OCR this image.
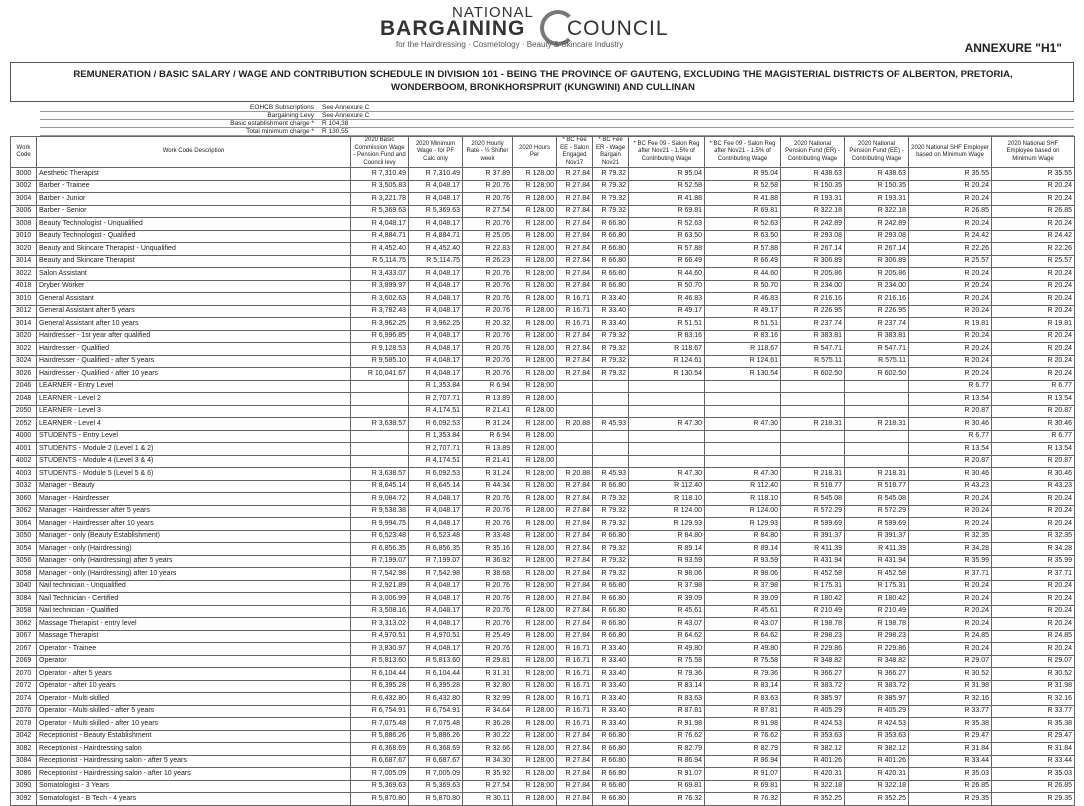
NATIONAL
BARGAINING COUNCIL
for the Hairdressing · Cosmetology · Beauty & Skincare Industry	ANNEXURE "H1"
REMUNERATION / BASIC SALARY / WAGE AND CONTRIBUTION SCHEDULE IN DIVISION 101 - BEING THE PROVINCE OF GAUTENG, EXCLUDING THE MAGISTERIAL DISTRICTS OF ALBERTON, PRETORIA, WONDERBOOM, BRONKHORSPRUIT (KUNGWINI) AND CULLINAN
EOHCB Subscriptions See Annexure C
Bargaining Levy See Annexure C
Basic establishment charge * R 104,38
Total minimum charge * R 130,55
Work Code	Work Code Description	2020 Basic Commission Wage - Pension Fund and Council levy	2020 Minimum Wage - for PF Calc only	2020 Hourly Rate - ½ Shifter week	2020 Hours Per	* BC Fee EE - Salon Engaged Nov17	* BC Fee ER - Wage Bargain Nov21	* BC Fee 09 - Salon Reg after Nov21 - 1.5% of Contributing Wage	* BC Fee 09 - Salon Reg after Nov21 - 1.5% of Contributing Wage	2020 National Pension Fund (ER) - Contributing Wage	2020 National Pension Fund (EE) - Contributing Wage	2020 National SHF Employer based on Minimum Wage	2020 National SHF Employee based on Minimum Wage
3000	Aesthetic Therapist	R 7,310.49	R 7,310.49	R 37.89	R 128.00	R 27.84	R 79.32	R 95.04	R 95.04	R 438.63	R 438.63	R 35.55	R 35.55
3002	Barber - Trainee	R 3,505.83	R 4,048.17	R 20.76	R 128.00	R 27.84	R 79.32	R 52.58	R 52.58	R 150.35	R 150.35	R 20.24	R 20.24
3004	Barber - Junior	R 3,221.78	R 4,048.17	R 20.76	R 128.00	R 27.84	R 79.32	R 41.88	R 41.88	R 193.31	R 193.31	R 20.24	R 20.24
3006	Barber - Senior	R 5,369.63	R 5,369.63	R 27.54	R 128.00	R 27.84	R 79.32	R 69.81	R 69.81	R 322.18	R 322.18	R 26.85	R 26.85
3008	Beauty Technologist - Unqualified	R 4,048.17	R 4,048.17	R 20.76	R 128.00	R 27.84	R 66.80	R 52.63	R 52.63	R 242.89	R 242.89	R 20.24	R 20.24
3010	Beauty Technologist - Qualified	R 4,884.71	R 4,884.71	R 25.05	R 128.00	R 27.84	R 66.80	R 63.50	R 63.50	R 293.08	R 293.08	R 24.42	R 24.42
3020	Beauty and Skincare Therapist - Unqualified	R 4,452.40	R 4,452.40	R 22.83	R 128.00	R 27.84	R 66.80	R 57.88	R 57.88	R 267.14	R 267.14	R 22.26	R 22.26
3014	Beauty and Skincare Therapist	R 5,114.75	R 5,114.75	R 26.23	R 128.00	R 27.84	R 66.80	R 66.49	R 66.49	R 306.89	R 306.89	R 25.57	R 25.57
3022	Salon Assistant	R 3,433.07	R 4,048.17	R 20.76	R 128.00	R 27.84	R 66.80	R 44.60	R 44.60	R 205.86	R 205.86	R 20.24	R 20.24
4018	Dryber Worker	R 3,899.97	R 4,048.17	R 20.76	R 128.00	R 27.84	R 66.80	R 50.70	R 50.70	R 234.00	R 234.00	R 20.24	R 20.24
3010	General Assistant	R 3,602.63	R 4,048.17	R 20.76	R 128.00	R 16.71	R 33.40	R 46.83	R 46.83	R 216.16	R 216.16	R 20.24	R 20.24
3012	General Assistant after 5 years	R 3,782.43	R 4,048.17	R 20.76	R 128.00	R 16.71	R 33.40	R 49.17	R 49.17	R 226.95	R 226.95	R 20.24	R 20.24
3014	General Assistant after 10 years	R 3,962.25	R 3,962.25	R 20.32	R 128.00	R 16.71	R 33.40	R 51.51	R 51.51	R 237.74	R 237.74	R 19.81	R 19.81
3020	Hairdresser - 1st year after qualified	R 6,996.85	R 4,048.17	R 20.76	R 128.00	R 27.84	R 79.32	R 83.16	R 83.16	R 383.81	R 383.81	R 20.24	R 20.24
3022	Hairdresser - Qualified	R 9,128.53	R 4,048.17	R 20.76	R 128.00	R 27.84	R 79.32	R 118.67	R 118.67	R 547.71	R 547.71	R 20.24	R 20.24
3024	Hairdresser - Qualified - after 5 years	R 9,585.10	R 4,048.17	R 20.76	R 128.00	R 27.84	R 79.32	R 124.61	R 124.61	R 575.11	R 575.11	R 20.24	R 20.24
3026	Hairdresser - Qualified - after 10 years	R 10,041.67	R 4,048.17	R 20.76	R 128.00	R 27.84	R 79.32	R 130.54	R 130.54	R 602.50	R 602.50	R 20.24	R 20.24
2046	LEARNER - Entry Level		R 1,353.84	R 6.94	R 128.00							R 6.77	R 6.77
2048	LEARNER - Level 2		R 2,707.71	R 13.89	R 128.00							R 13.54	R 13.54
2050	LEARNER - Level 3		R 4,174.51	R 21.41	R 128.00							R 20.87	R 20.87
2052	LEARNER - Level 4	R 3,638.57	R 6,092.53	R 31.24	R 128.00	R 20.88	R 45.93	R 47.30	R 47.30	R 218.31	R 218.31	R 30.46	R 30.46
4000	STUDENTS - Entry Level		R 1,353.84	R 6.94	R 128.00							R 6.77	R 6.77
4001	STUDENTS - Module 2 (Level 1 & 2)		R 2,707.71	R 13.89	R 128.00							R 13.54	R 13.54
4002	STUDENTS - Module 4 (Level 3 & 4)		R 4,174.51	R 21.41	R 128.00							R 20.87	R 20.87
4003	STUDENTS - Module 5 (Level 5 & 6)	R 3,638.57	R 6,092.53	R 31.24	R 128.00	R 20.88	R 45.93	R 47.30	R 47.30	R 218.31	R 218.31	R 30.46	R 30.46
3032	Manager - Beauty	R 8,645.14	R 8,645.14	R 44.34	R 128.00	R 27.84	R 66.80	R 112.40	R 112.40	R 518.77	R 518.77	R 43.23	R 43.23
3060	Manager - Hairdresser	R 9,084.72	R 4,048.17	R 20.76	R 128.00	R 27.84	R 79.32	R 118.10	R 118.10	R 545.08	R 545.08	R 20.24	R 20.24
3062	Manager - Hairdresser after 5 years	R 9,538.38	R 4,048.17	R 20.76	R 128.00	R 27.84	R 79.32	R 124.00	R 124.00	R 572.29	R 572.29	R 20.24	R 20.24
3064	Manager - Hairdresser after 10 years	R 9,994.75	R 4,048.17	R 20.76	R 128.00	R 27.84	R 79.32	R 129.93	R 129.93	R 599.69	R 599.69	R 20.24	R 20.24
3050	Manager - only (Beauty Establishment)	R 6,523.48	R 6,523.48	R 33.48	R 128.00	R 27.84	R 66.80	R 84.80	R 84.80	R 391.37	R 391.37	R 32.35	R 32.35
3054	Manager - only (Hairdressing)	R 6,856.35	R 6,856.35	R 35.16	R 128.00	R 27.84	R 79.32	R 89.14	R 89.14	R 411.39	R 411.39	R 34.28	R 34.28
3056	Manager - only (Hairdressing) after 5 years	R 7,199.07	R 7,199.07	R 36.92	R 128.00	R 27.84	R 79.32	R 93.59	R 93.59	R 431.94	R 431.94	R 35.99	R 35.99
3058	Manager - only (Hairdressing) after 10 years	R 7,542.98	R 7,542.98	R 38.68	R 128.00	R 27.84	R 79.32	R 98.06	R 98.06	R 452.58	R 452.58	R 37.71	R 37.71
3040	Nail technician - Unqualified	R 2,921.89	R 4,048.17	R 20.76	R 128.00	R 27.84	R 66.80	R 37.98	R 37.98	R 175.31	R 175.31	R 20.24	R 20.24
3084	Nail Technician - Certified	R 3,006.99	R 4,048.17	R 20.76	R 128.00	R 27.84	R 66.80	R 39.09	R 39.09	R 180.42	R 180.42	R 20.24	R 20.24
3058	Nail technician - Qualified	R 3,508.16	R 4,048.17	R 20.76	R 128.00	R 27.84	R 66.80	R 45.61	R 45.61	R 210.49	R 210.49	R 20.24	R 20.24
3062	Massage Therapist - entry level	R 3,313.02	R 4,048.17	R 20.76	R 128.00	R 27.84	R 66.80	R 43.07	R 43.07	R 198.78	R 198.78	R 20.24	R 20.24
3067	Massage Therapist	R 4,970.51	R 4,970.51	R 25.49	R 128.00	R 27.84	R 66.80	R 64.62	R 64.62	R 298.23	R 298.23	R 24.85	R 24.85
2067	Operator - Trainee	R 3,830.97	R 4,048.17	R 20.76	R 128.00	R 16.71	R 33.40	R 49.80	R 49.80	R 229.86	R 229.86	R 20.24	R 20.24
2069	Operator	R 5,813.60	R 5,813.60	R 29.81	R 128.00	R 16.71	R 33.40	R 75.58	R 75.58	R 348.82	R 348.82	R 29.07	R 29.07
2070	Operator - after 5 years	R 6,104.44	R 6,104.44	R 31.31	R 128.00	R 16.71	R 33.40	R 79.36	R 79.36	R 366.27	R 366.27	R 30.52	R 30.52
2072	Operator - after 10 years	R 6,395.28	R 6,395.28	R 32.80	R 128.00	R 16.71	R 33.40	R 83.14	R 83.14	R 383.72	R 383.72	R 31.98	R 31.98
2074	Operator - Multi skilled	R 6,432.80	R 6,432.80	R 32.99	R 128.00	R 16.71	R 33.40	R 83.63	R 83.63	R 385.97	R 385.97	R 32.16	R 32.16
2076	Operator - Multi skilled - after 5 years	R 6,754.91	R 6,754.91	R 34.64	R 128.00	R 16.71	R 33.40	R 87.81	R 87.81	R 405.29	R 405.29	R 33.77	R 33.77
2078	Operator - Multi skilled - after 10 years	R 7,075.48	R 7,075.48	R 36.28	R 128.00	R 16.71	R 33.40	R 91.98	R 91.98	R 424.53	R 424.53	R 35.38	R 35.38
3042	Receptionist - Beauty Establishment	R 5,886.26	R 5,886.26	R 30.22	R 128.00	R 27.84	R 66.80	R 76.62	R 76.62	R 353.63	R 353.63	R 29.47	R 29.47
3082	Receptionist - Hairdressing salon	R 6,368.69	R 6,368.69	R 32.66	R 128.00	R 27.84	R 66.80	R 82.79	R 82.79	R 382.12	R 382.12	R 31.84	R 31.84
3084	Receptionist - Hairdressing salon - after 5 years	R 6,687.67	R 6,687.67	R 34.30	R 128.00	R 27.84	R 66.80	R 86.94	R 86.94	R 401.26	R 401.26	R 33.44	R 33.44
3086	Receptionist - Hairdressing salon - after 10 years	R 7,005.09	R 7,005.09	R 35.92	R 128.00	R 27.84	R 66.80	R 91.07	R 91.07	R 420.31	R 420.31	R 35.03	R 35.03
3090	Somatologist - 3 Years	R 5,369.63	R 5,369.63	R 27.54	R 128.00	R 27.84	R 66.80	R 69.81	R 69.81	R 322.18	R 322.18	R 26.85	R 26.85
3092	Somatologist - B Tech - 4 years	R 5,870.80	R 5,870.80	R 30.11	R 128.00	R 27.84	R 66.80	R 76.32	R 76.32	R 352.25	R 352.25	R 29.35	R 29.35
